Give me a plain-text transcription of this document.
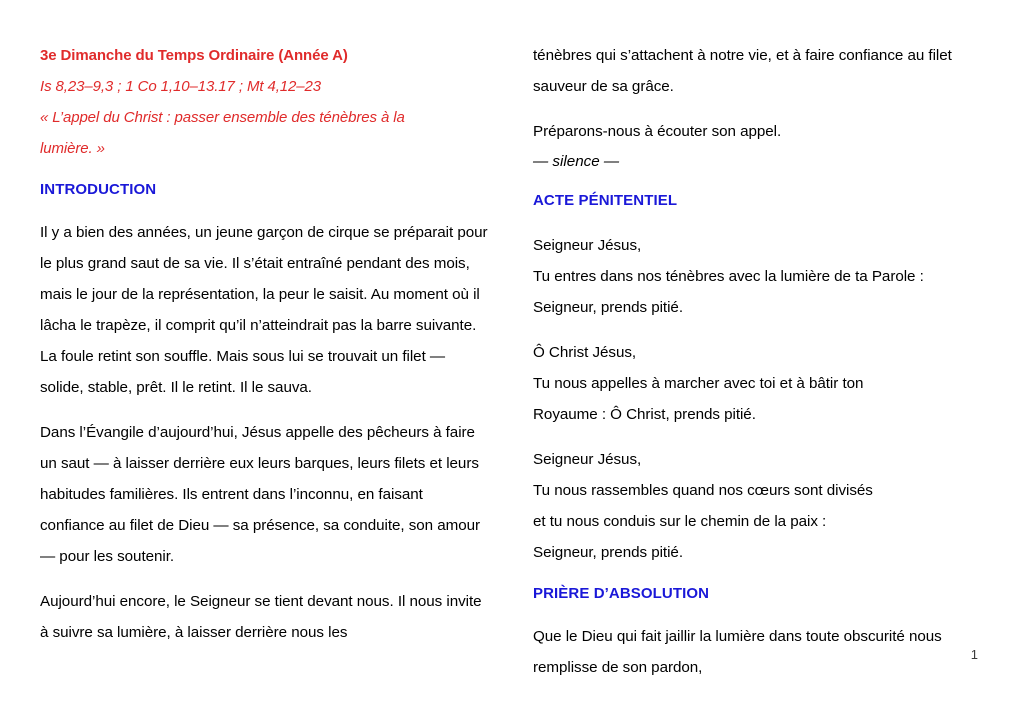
3e Dimanche du Temps Ordinaire (Année A)

Is 8,23–9,3 ; 1 Co 1,10–13.17 ; Mt 4,12–23

« L’appel du Christ : passer ensemble des ténèbres à la

lumière. »

INTRODUCTION

Il y a bien des années, un jeune garçon de cirque se préparait pour le plus grand saut de sa vie. Il s’était entraîné pendant des mois, mais le jour de la représentation, la peur le saisit. Au moment où il lâcha le trapèze, il comprit qu’il n’atteindrait pas la barre suivante. La foule retint son souffle. Mais sous lui se trouvait un filet — solide, stable, prêt. Il le retint. Il le sauva.

Dans l’Évangile d’aujourd’hui, Jésus appelle des pêcheurs à faire un saut — à laisser derrière eux leurs barques, leurs filets et leurs habitudes familières. Ils entrent dans l’inconnu, en faisant confiance au filet de Dieu — sa présence, sa conduite, son amour — pour les soutenir.

Aujourd’hui encore, le Seigneur se tient devant nous. Il nous invite à suivre sa lumière, à laisser derrière nous les

ténèbres qui s’attachent à notre vie, et à faire confiance au filet sauveur de sa grâce.

Préparons-nous à écouter son appel.

— silence —

ACTE PÉNITENTIEL
Seigneur Jésus,
Tu entres dans nos ténèbres avec la lumière de ta Parole :
Seigneur, prends pitié.
Ô Christ Jésus,
Tu nous appelles à marcher avec toi et à bâtir ton
Royaume : Ô Christ, prends pitié.
Seigneur Jésus,
Tu nous rassembles quand nos cœurs sont divisés
et tu nous conduis sur le chemin de la paix :
Seigneur, prends pitié.
PRIÈRE D’ABSOLUTION

Que le Dieu qui fait jaillir la lumière dans toute obscurité nous remplisse de son pardon,

1
